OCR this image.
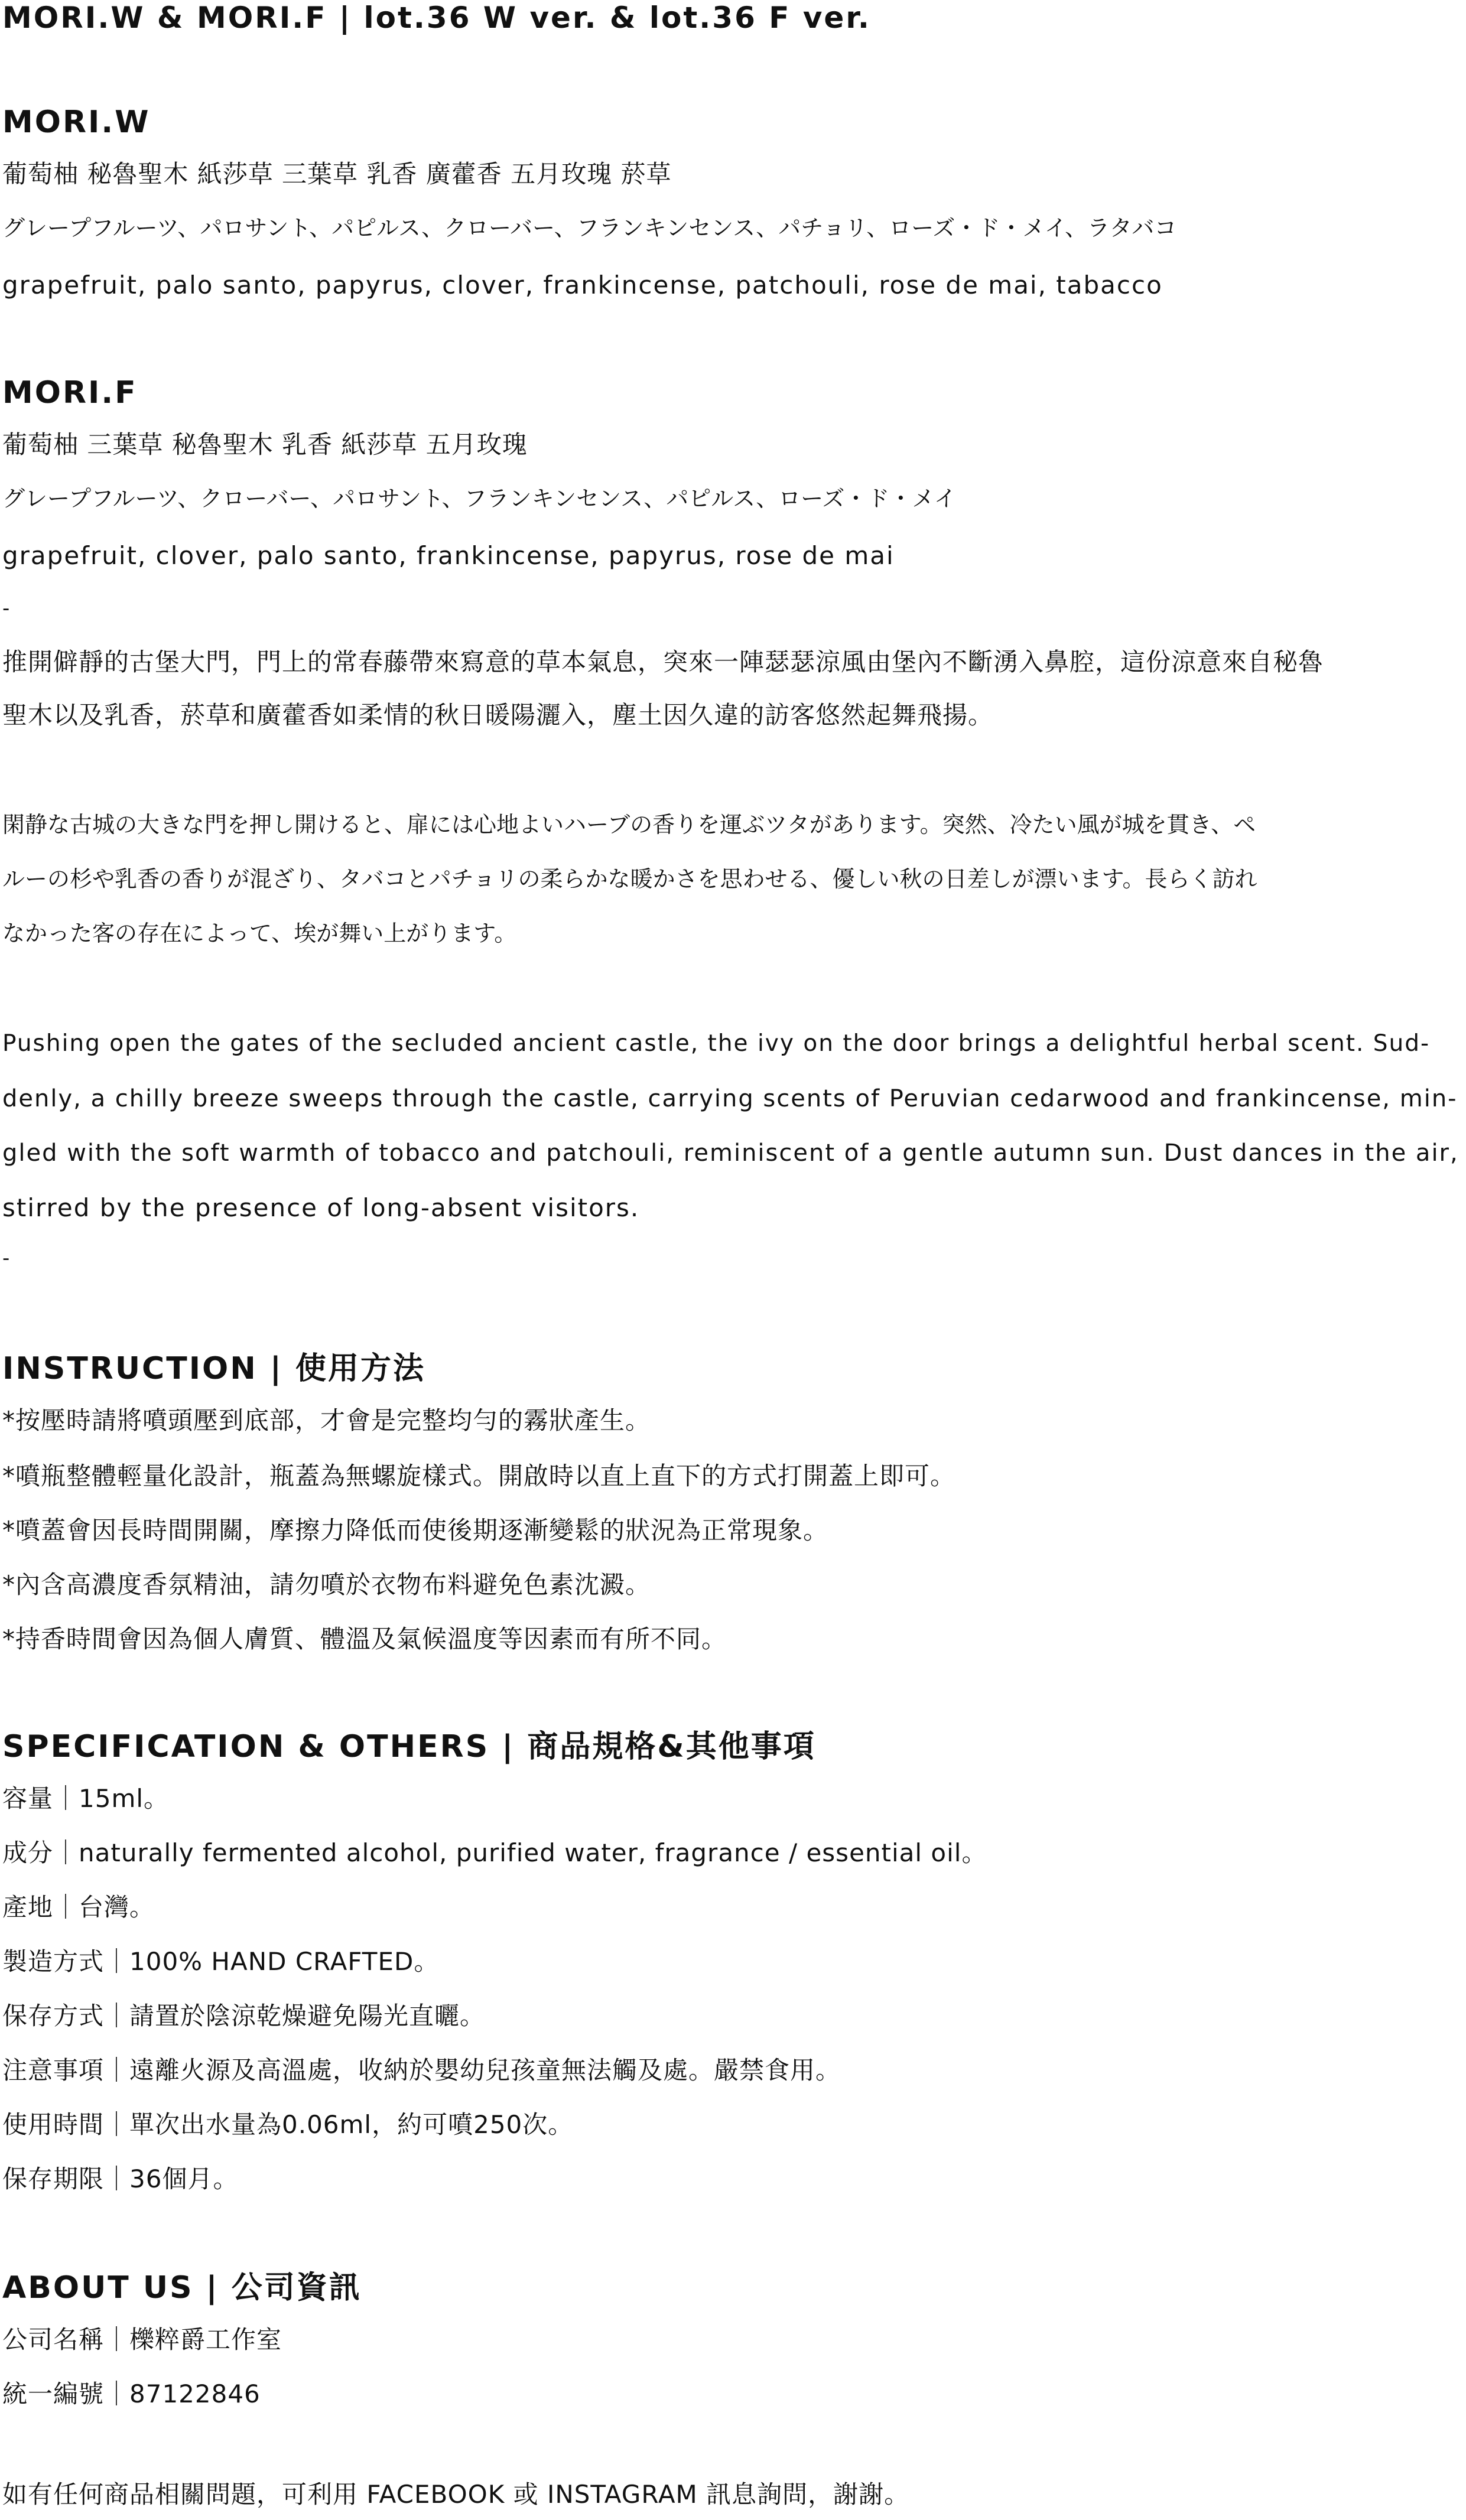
MORI.W & MORI.F | lot.36 W ver. & lot.36 F ver.
MORI.W
葡萄柚 秘魯聖木 紙莎草 三葉草 乳香 廣藿香 五月玫瑰 菸草
グレープフルーツ、パロサント、パピルス、クローバー、フランキンセンス、パチョリ、ローズ・ド・メイ、ラタバコ
grapefruit, palo santo, papyrus, clover, frankincense, patchouli, rose de mai, tabacco
MORI.F
葡萄柚 三葉草 秘魯聖木 乳香 紙莎草 五月玫瑰
グレープフルーツ、クローバー、パロサント、フランキンセンス、パピルス、ローズ・ド・メイ
grapefruit, clover, palo santo, frankincense, papyrus, rose de mai
-
推開僻靜的古堡大門，門上的常春藤帶來寫意的草本氣息，突來一陣瑟瑟涼風由堡內不斷湧入鼻腔，這份涼意來自秘魯
聖木以及乳香，菸草和廣藿香如柔情的秋日暖陽灑入，塵土因久違的訪客悠然起舞飛揚。
閑静な古城の大きな門を押し開けると、扉には心地よいハーブの香りを運ぶツタがあります。突然、冷たい風が城を貫き、ペ
ルーの杉や乳香の香りが混ざり、タバコとパチョリの柔らかな暖かさを思わせる、優しい秋の日差しが漂います。長らく訪れ
なかった客の存在によって、埃が舞い上がります。
Pushing open the gates of the secluded ancient castle, the ivy on the door brings a delightful herbal scent. Sud-
denly, a chilly breeze sweeps through the castle, carrying scents of Peruvian cedarwood and frankincense, min-
gled with the soft warmth of tobacco and patchouli, reminiscent of a gentle autumn sun. Dust dances in the air,
stirred by the presence of long-absent visitors.
-
INSTRUCTION | 使用方法
*按壓時請將噴頭壓到底部，才會是完整均勻的霧狀產生。
*噴瓶整體輕量化設計，瓶蓋為無螺旋樣式。開啟時以直上直下的方式打開蓋上即可。
*噴蓋會因長時間開關，摩擦力降低而使後期逐漸變鬆的狀況為正常現象。
*內含高濃度香氛精油，請勿噴於衣物布料避免色素沈澱。
*持香時間會因為個人膚質、體溫及氣候溫度等因素而有所不同。
SPECIFICATION & OTHERS | 商品規格&其他事項
容量｜15ml。
成分｜naturally fermented alcohol, purified water, fragrance / essential oil。
產地｜台灣。
製造方式｜100% HAND CRAFTED。
保存方式｜請置於陰涼乾燥避免陽光直曬。
注意事項｜遠離火源及高溫處，收納於嬰幼兒孩童無法觸及處。嚴禁食用。
使用時間｜單次出水量為0.06ml，約可噴250次。
保存期限｜36個月。
ABOUT US | 公司資訊
公司名稱｜櫟粹爵工作室
統一編號｜87122846
如有任何商品相關問題，可利用 FACEBOOK 或 INSTAGRAM 訊息詢問，謝謝。
